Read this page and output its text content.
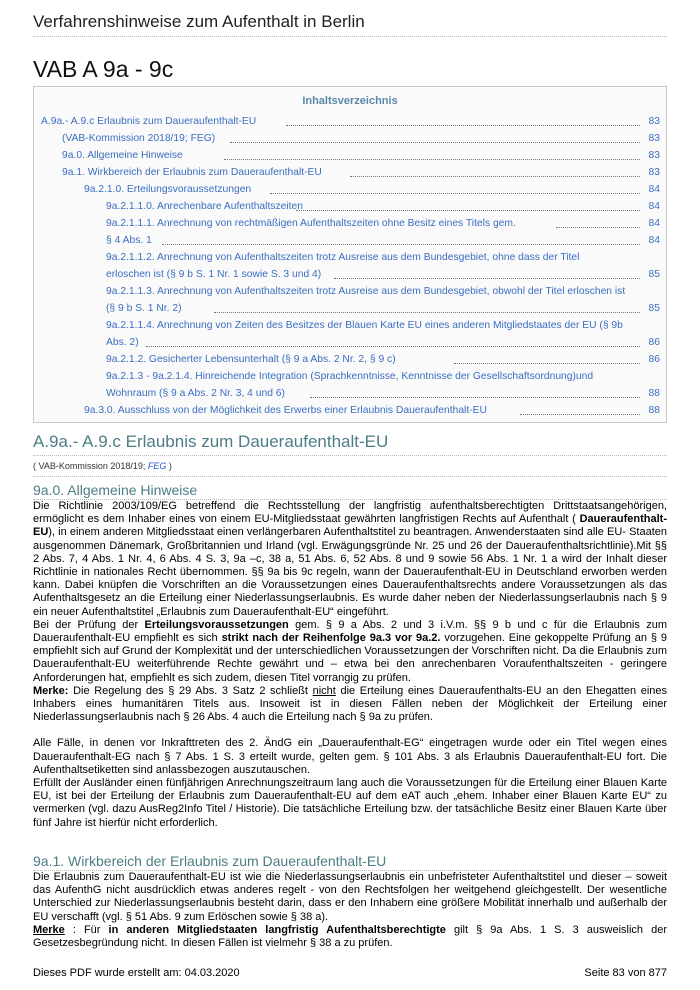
Verfahrenshinweise zum Aufenthalt in Berlin
VAB A 9a - 9c
Inhaltsverzeichnis
A.9a.- A.9.c Erlaubnis zum Daueraufenthalt-EU	83
(VAB-Kommission 2018/19; FEG)	83
9a.0. Allgemeine Hinweise	83
9a.1. Wirkbereich der Erlaubnis zum Daueraufenthalt-EU	83
9a.2.1.0. Erteilungsvoraussetzungen	84
9a.2.1.1.0. Anrechenbare Aufenthaltszeiten	84
9a.2.1.1.1. Anrechnung von rechtmäßigen Aufenthaltszeiten ohne Besitz eines Titels gem.	84
§ 4 Abs. 1	84
9a.2.1.1.2. Anrechnung von Aufenthaltszeiten trotz Ausreise aus dem Bundesgebiet, ohne dass der Titel erloschen ist (§ 9 b S. 1 Nr. 1 sowie S. 3 und 4)	85
9a.2.1.1.3. Anrechnung von Aufenthaltszeiten trotz Ausreise aus dem Bundesgebiet, obwohl der Titel erloschen ist (§ 9 b S. 1 Nr. 2)	85
9a.2.1.1.4. Anrechnung von Zeiten des Besitzes der Blauen Karte EU eines anderen Mitgliedstaates der EU (§ 9b Abs. 2)	86
9a.2.1.2. Gesicherter Lebensunterhalt (§ 9 a Abs. 2 Nr. 2, § 9 c)	86
9a.2.1.3 - 9a.2.1.4. Hinreichende Integration (Sprachkenntnisse, Kenntnisse der Gesellschaftsordnung)und Wohnraum (§ 9 a Abs. 2 Nr. 3, 4 und 6)	88
9a.3.0. Ausschluss von der Möglichkeit des Erwerbs einer Erlaubnis Daueraufenthalt-EU	88
A.9a.- A.9.c Erlaubnis zum Daueraufenthalt-EU
( VAB-Kommission 2018/19; FEG )
9a.0. Allgemeine Hinweise

Die Richtlinie 2003/109/EG betreffend die Rechtsstellung der langfristig aufenthaltsberechtigten Drittstaatsangehörigen, ermöglicht es dem Inhaber eines von einem EU-Mitgliedsstaat gewährten langfristigen Rechts auf Aufenthalt ( Daueraufenthalt-EU), in einem anderen Mitgliedsstaat einen verlängerbaren Aufenthaltstitel zu beantragen. Anwenderstaaten sind alle EU- Staaten ausgenommen Dänemark, Großbritannien und Irland (vgl. Erwägungsgründe Nr. 25 und 26 der Daueraufenthaltsrichtlinie).Mit §§ 2 Abs. 7, 4 Abs. 1 Nr. 4, 6 Abs. 4 S. 3, 9a –c, 38 a, 51 Abs. 6, 52 Abs. 8 und 9 sowie 56 Abs. 1 Nr. 1 a wird der Inhalt dieser Richtlinie in nationales Recht übernommen. §§ 9a bis 9c regeln, wann der Daueraufenthalt-EU in Deutschland erworben werden kann. Dabei knüpfen die Vorschriften an die Voraussetzungen eines Daueraufenthaltsrechts andere Voraussetzungen als das Aufenthaltsgesetz an die Erteilung einer Niederlassungserlaubnis. Es wurde daher neben der Niederlassungserlaubnis nach § 9 ein neuer Aufenthaltstitel „Erlaubnis zum Daueraufenthalt-EU“ eingeführt.

Bei der Prüfung der Erteilungsvoraussetzungen gem. § 9 a Abs. 2 und 3 i.V.m. §§ 9 b und c für die Erlaubnis zum Daueraufenthalt-EU empfiehlt es sich strikt nach der Reihenfolge 9a.3 vor 9a.2. vorzugehen. Eine gekoppelte Prüfung an § 9 empfiehlt sich auf Grund der Komplexität und der unterschiedlichen Voraussetzungen der Vorschriften nicht. Da die Erlaubnis zum Daueraufenthalt-EU weiterführende Rechte gewährt und – etwa bei den anrechenbaren Voraufenthaltszeiten - geringere Anforderungen hat, empfiehlt es sich zudem, diesen Titel vorrangig zu prüfen.

Merke: Die Regelung des § 29 Abs. 3 Satz 2 schließt nicht die Erteilung eines Daueraufenthalts-EU an den Ehegatten eines Inhabers eines humanitären Titels aus. Insoweit ist in diesen Fällen neben der Möglichkeit der Erteilung einer Niederlassungserlaubnis nach § 26 Abs. 4 auch die Erteilung nach § 9a zu prüfen.

Alle Fälle, in denen vor Inkrafttreten des 2. ÄndG ein „Daueraufenthalt-EG“ eingetragen wurde oder ein Titel wegen eines Daueraufenthalt-EG nach § 7 Abs. 1 S. 3 erteilt wurde, gelten gem. § 101 Abs. 3 als Erlaubnis Daueraufenthalt-EU fort. Die Aufenthaltsetiketten sind anlassbezogen auszutauschen.

Erfüllt der Ausländer einen fünfjährigen Anrechnungszeitraum lang auch die Voraussetzungen für die Erteilung einer Blauen Karte EU, ist bei der Erteilung der Erlaubnis zum Daueraufenthalt-EU auf dem eAT auch „ehem. Inhaber einer Blauen Karte EU“ zu vermerken (vgl. dazu AusReg2Info Titel / Historie). Die tatsächliche Erteilung bzw. der tatsächliche Besitz einer Blauen Karte über fünf Jahre ist hierfür nicht erforderlich.

9a.1. Wirkbereich der Erlaubnis zum Daueraufenthalt-EU

Die Erlaubnis zum Daueraufenthalt-EU ist wie die Niederlassungserlaubnis ein unbefristeter Aufenthaltstitel und dieser – soweit das AufenthG nicht ausdrücklich etwas anderes regelt - von den Rechtsfolgen her weitgehend gleichgestellt. Der wesentliche Unterschied zur Niederlassungserlaubnis besteht darin, dass er den Inhabern eine größere Mobilität innerhalb und außerhalb der EU verschafft (vgl. § 51 Abs. 9 zum Erlöschen sowie § 38 a).

Merke : Für in anderen Mitgliedstaaten langfristig Aufenthaltsberechtigte gilt § 9a Abs. 1 S. 3 ausweislich der Gesetzesbegründung nicht. In diesen Fällen ist vielmehr § 38 a zu prüfen.

Dieses PDF wurde erstellt am: 04.03.2020	Seite 83 von 877
